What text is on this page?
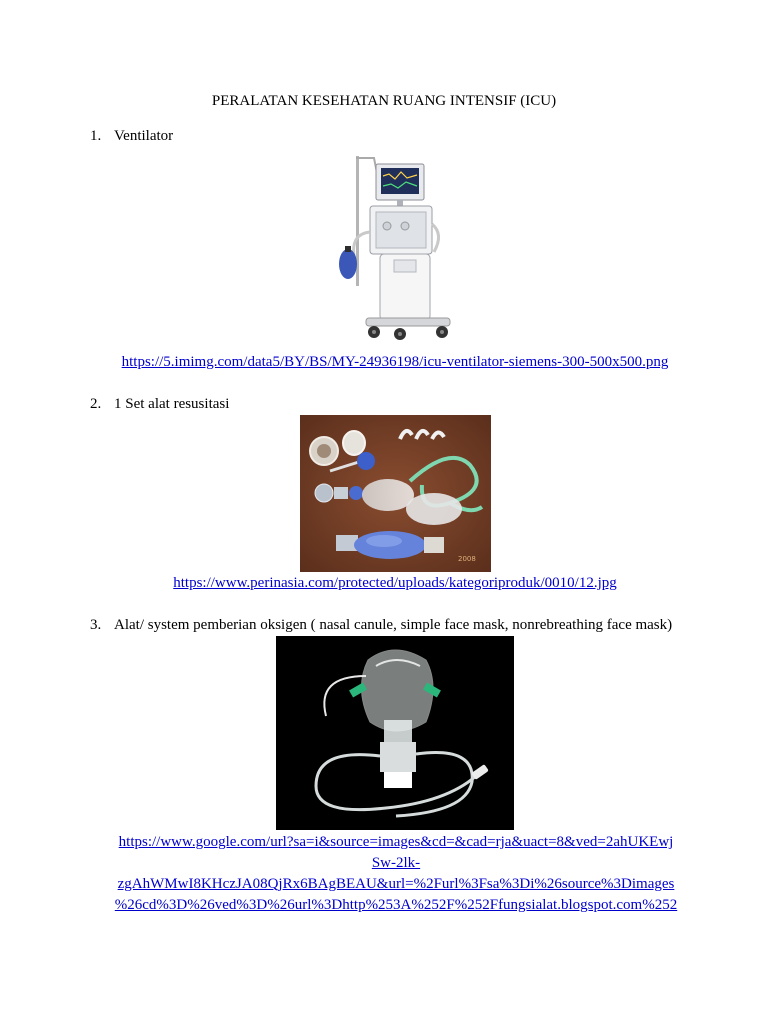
PERALATAN KESEHATAN RUANG INTENSIF (ICU)
1. Ventilator
https://5.imimg.com/data5/BY/BS/MY-24936198/icu-ventilator-siemens-300-500x500.png
2. 1 Set alat resusitasi
2008
https://www.perinasia.com/protected/uploads/kategoriproduk/0010/12.jpg
3. Alat/ system pemberian oksigen ( nasal canule, simple face mask, nonrebreathing face mask)
https://www.google.com/url?sa=i&source=images&cd=&cad=rja&uact=8&ved=2ahUKEwj
Sw-2lk-
zgAhWMwI8KHczJA08QjRx6BAgBEAU&url=%2Furl%3Fsa%3Di%26source%3Dimages
%26cd%3D%26ved%3D%26url%3Dhttp%253A%252F%252Ffungsialat.blogspot.com%252
